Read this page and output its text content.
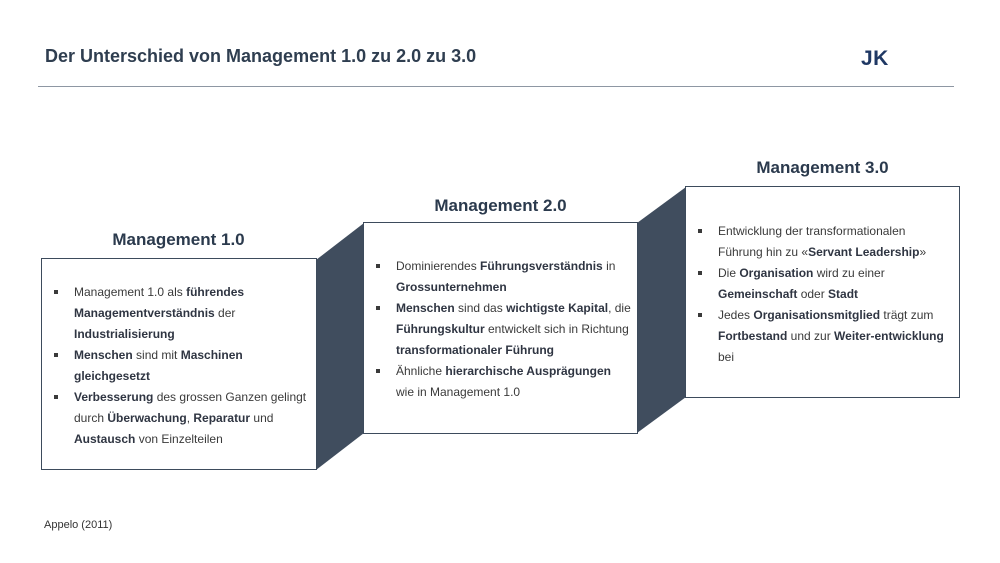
Der Unterschied von Management 1.0 zu 2.0 zu 3.0	JK
Management 1.0
Management 1.0 als führendes Managementverständnis der Industrialisierung
Menschen sind mit Maschinen gleichgesetzt
Verbesserung des grossen Ganzen gelingt durch Überwachung, Reparatur und Austausch von Einzelteilen
Management 2.0
Dominierendes Führungsverständnis in Grossunternehmen
Menschen sind das wichtigste Kapital, die Führungskultur entwickelt sich in Richtung transformationaler Führung
Ähnliche hierarchische Ausprägungen wie in Management 1.0
Management 3.0
Entwicklung der transformationalen Führung hin zu «Servant Leadership»
Die Organisation wird zu einer Gemeinschaft oder Stadt
Jedes Organisationsmitglied trägt zum Fortbestand und zur Weiter-entwicklung bei
Appelo (2011)
